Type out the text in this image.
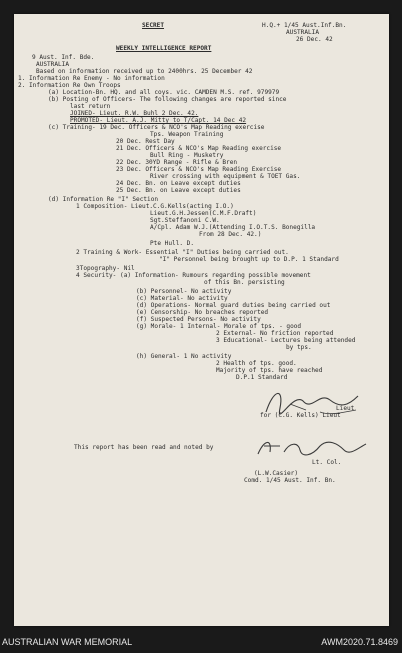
SECRET	H.Q.+ 1/45 Aust.Inf.Bn.
AUSTRALIA
26 Dec. 42
9 Aust. Inf. Bde.
AUSTRALIA
WEEKLY INTELLIGENCE REPORT
Based on information received up to 2400hrs. 25 December 42
1. Information Re Enemy - No information
2. Information Re Own Troops
(a) Location-Bn. HQ. and all coys. vic. CAMDEN M.S. ref. 979979
(b) Posting of Officers- The following changes are reported since
last return
JOINED- Lieut. R.W. Buhl 2 Dec. 42.
PROMOTED- Lieut. A.J. Mitty to T/Capt. 14 Dec 42
(c) Training- 19 Dec. Officers & NCO's Map Reading exercise
Tps. Weapon Training
20 Dec. Rest Day
21 Dec. Officers & NCO's Map Reading exercise
Bull Ring - Musketry
22 Dec. 30YD Range - Rifle & Bren
23 Dec. Officers & NCO's Map Reading Exercise
River crossing with equipment & TOET Gas.
24 Dec. Bn. on Leave except duties
25 Dec. Bn. on Leave except duties
(d) Information Re "I" Section
1 Composition- Lieut.C.G.Kells(acting I.O.)
Lieut.G.H.Jessen(C.M.F.Draft)
Sgt.Steffanoni C.W.
A/Cpl. Adam W.J.(Attending I.O.T.S. Bonegilla
From 28 Dec. 42.)
Pte Hull. D.
2 Training & Work- Essential "I" Duties being carried out.
"I" Personnel being brought up to D.P. 1 Standard
3Topography- Nil
4 Security- (a) Information- Rumours regarding possible movement
of this Bn. persisting
(b) Personnel- No activity
(c) Material- No activity
(d) Operations- Normal guard duties being carried out
(e) Censorship- No breaches reported
(f) Suspected Persons- No activity
(g) Morale- 1 Internal- Morale of tps. - good
2 External- No friction reported
3 Educational- Lectures being attended
by tps.
(h) General- 1 No activity
2 Health of tps. good.
Majority of tps. have reached
D.P.1 Standard
Lieut
for (C.G. Kells) Lieut
This report has been read and noted by
Lt. Col.
(L.W.Casier)
Comd. 1/45 Aust. Inf. Bn.
AUSTRALIAN WAR MEMORIAL	AWM2020.71.8469
